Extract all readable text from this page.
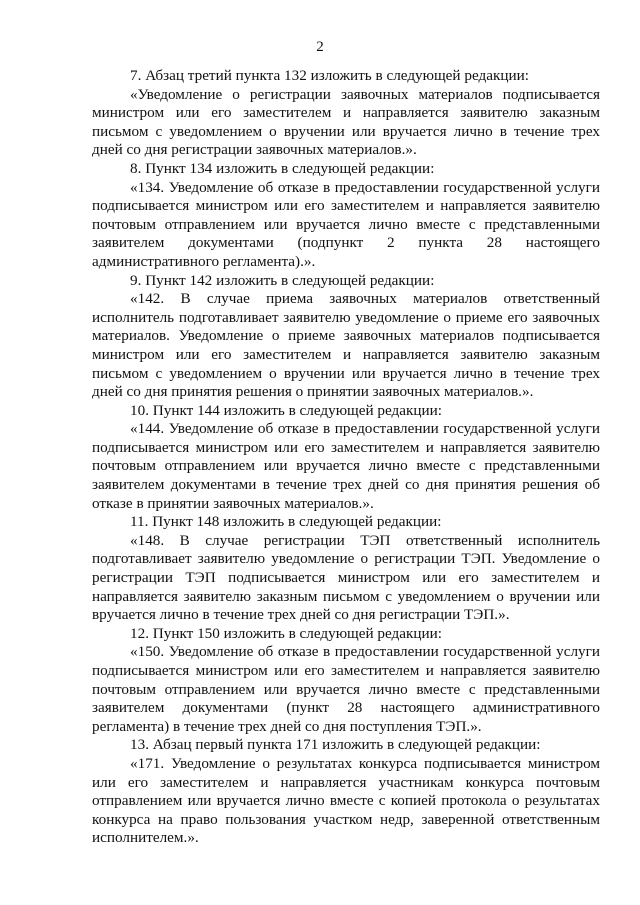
2

7. Абзац третий пункта 132 изложить в следующей редакции:

«Уведомление о регистрации заявочных материалов подписывается министром или его заместителем и направляется заявителю заказным письмом с уведомлением о вручении или вручается лично в течение трех дней со дня регистрации заявочных материалов.».

8. Пункт 134 изложить в следующей редакции:

«134. Уведомление об отказе в предоставлении государственной услуги подписывается министром или его заместителем и направляется заявителю почтовым отправлением или вручается лично вместе с представленными заявителем документами (подпункт 2 пункта 28 настоящего административного регламента).».

9. Пункт 142 изложить в следующей редакции:

«142. В случае приема заявочных материалов ответственный исполнитель подготавливает заявителю уведомление о приеме его заявочных материалов. Уведомление о приеме заявочных материалов подписывается министром или его заместителем и направляется заявителю заказным письмом с уведомлением о вручении или вручается лично в течение трех дней со дня принятия решения о принятии заявочных материалов.».

10. Пункт 144 изложить в следующей редакции:

«144. Уведомление об отказе в предоставлении государственной услуги подписывается министром или его заместителем и направляется заявителю почтовым отправлением или вручается лично вместе с представленными заявителем документами в течение трех дней со дня принятия решения об отказе в принятии заявочных материалов.».

11. Пункт 148 изложить в следующей редакции:

«148. В случае регистрации ТЭП ответственный исполнитель подготавливает заявителю уведомление о регистрации ТЭП. Уведомление о регистрации ТЭП подписывается министром или его заместителем и направляется заявителю заказным письмом с уведомлением о вручении или вручается лично в течение трех дней со дня регистрации ТЭП.».

12. Пункт 150 изложить в следующей редакции:

«150. Уведомление об отказе в предоставлении государственной услуги подписывается министром или его заместителем и направляется заявителю почтовым отправлением или вручается лично вместе с представленными заявителем документами (пункт 28 настоящего административного регламента) в течение трех дней со дня поступления ТЭП.».

13. Абзац первый пункта 171 изложить в следующей редакции:

«171. Уведомление о результатах конкурса подписывается министром или его заместителем и направляется участникам конкурса почтовым отправлением или вручается лично вместе с копией протокола о результатах конкурса на право пользования участком недр, заверенной ответственным исполнителем.».
